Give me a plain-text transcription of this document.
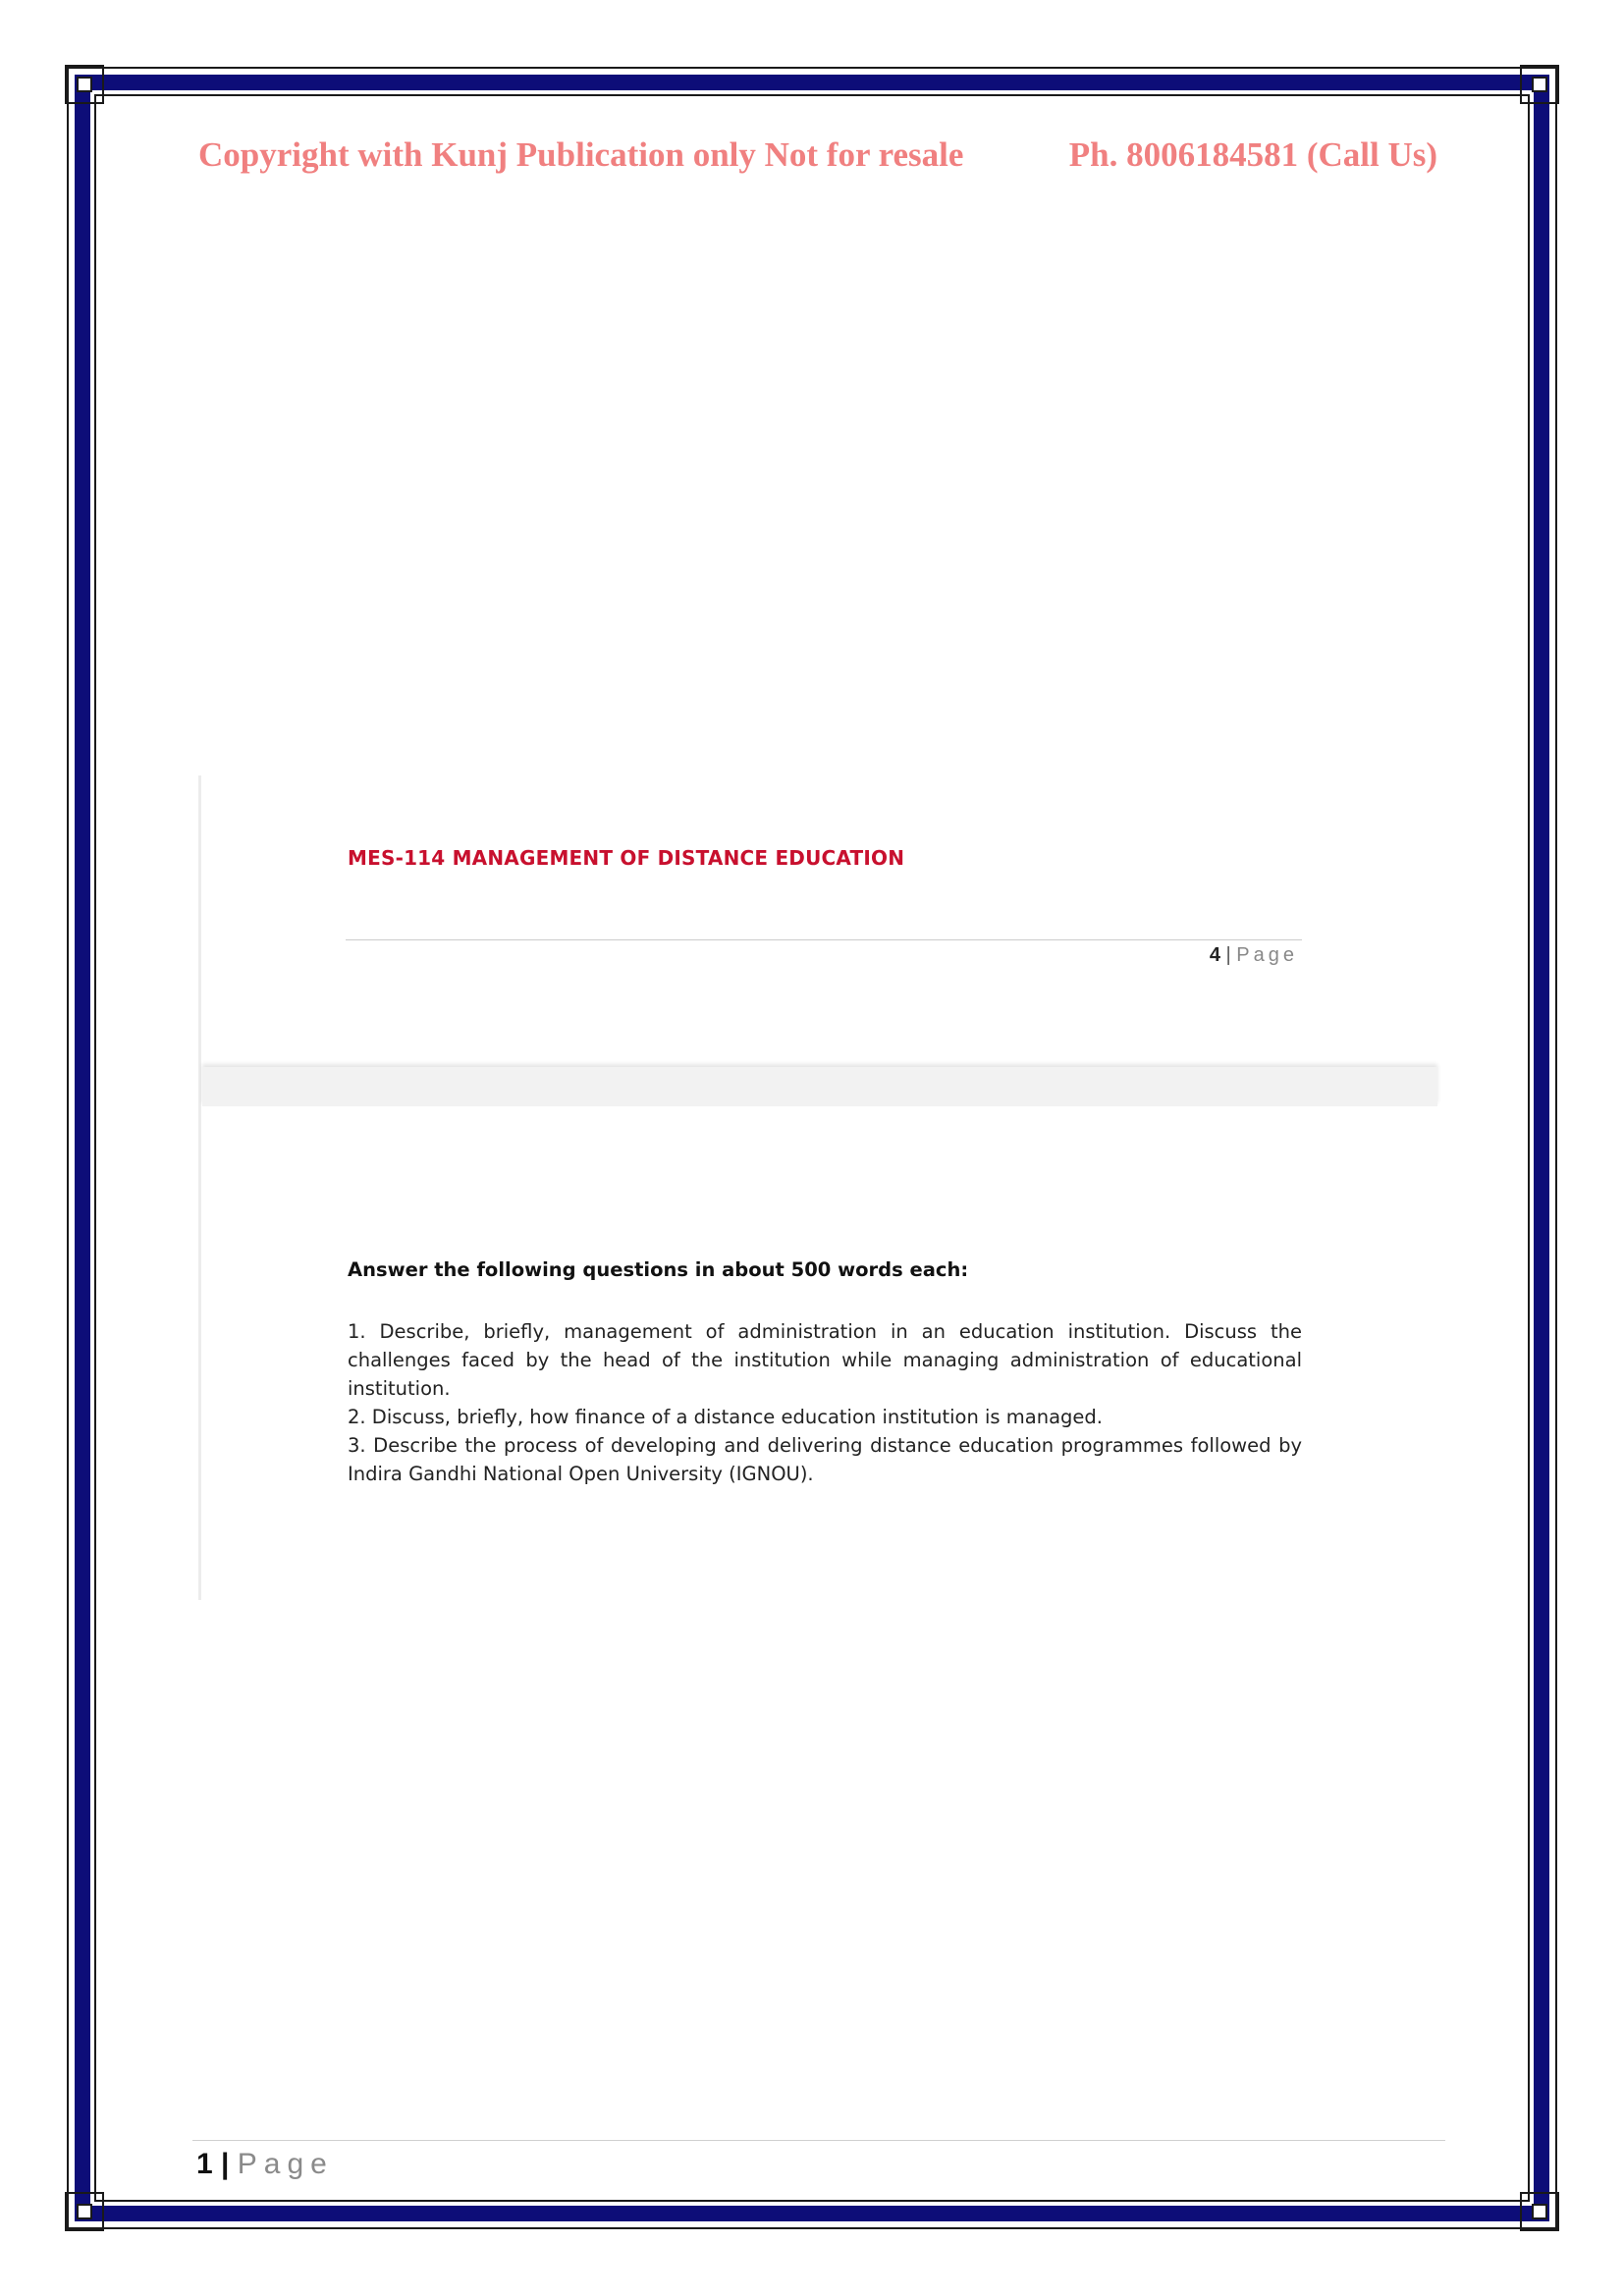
Copyright with Kunj Publication only Not for resale	Ph. 8006184581 (Call Us)
MES-114 MANAGEMENT OF DISTANCE EDUCATION
4 | Page
Answer the following questions in about 500 words each:
1. Describe, briefly, management of administration in an education institution. Discuss the challenges faced by the head of the institution while managing administration of educational institution.
2. Discuss, briefly, how finance of a distance education institution is managed.
3. Describe the process of developing and delivering distance education programmes followed by Indira Gandhi National Open University (IGNOU).
1 | Page
